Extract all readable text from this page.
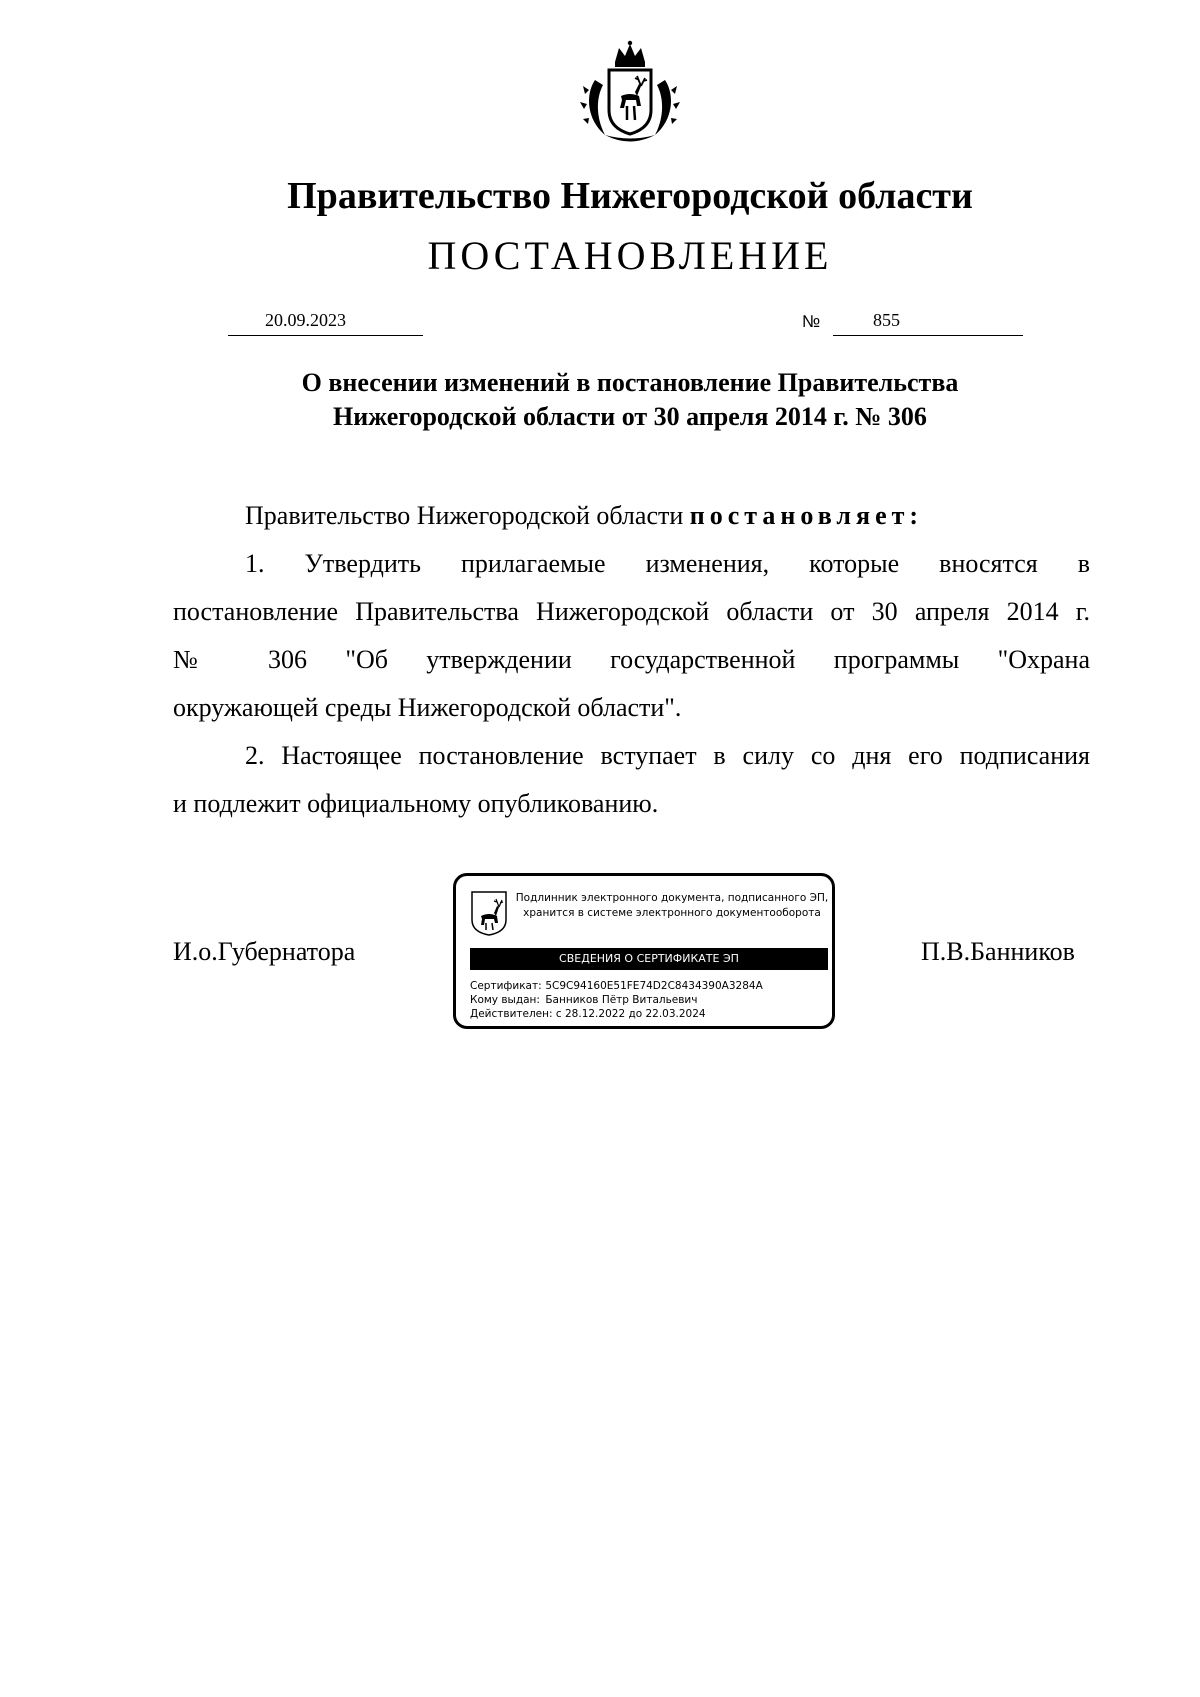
Правительство Нижегородской области
ПОСТАНОВЛЕНИЕ
20.09.2023	№	855
О внесении изменений в постановление Правительства
Нижегородской области от 30 апреля 2014 г. № 306

Правительство Нижегородской области постановляет:

1. Утвердить прилагаемые изменения, которые вносятся в

постановление Правительства Нижегородской области от 30 апреля 2014 г.

№ 306 "Об утверждении государственной программы "Охрана

окружающей среды Нижегородской области".

2. Настоящее постановление вступает в силу со дня его подписания

и подлежит официальному опубликованию.

И.о.Губернатора	П.В.Банников
Подлинник электронного документа, подписанного ЭП,
хранится в системе электронного документооборота
СВЕДЕНИЯ О СЕРТИФИКАТЕ ЭП
Сертификат: 5C9C94160E51FE74D2C8434390A3284A
Кому выдан: Банников Пётр Витальевич
Действителен: с 28.12.2022 до 22.03.2024
